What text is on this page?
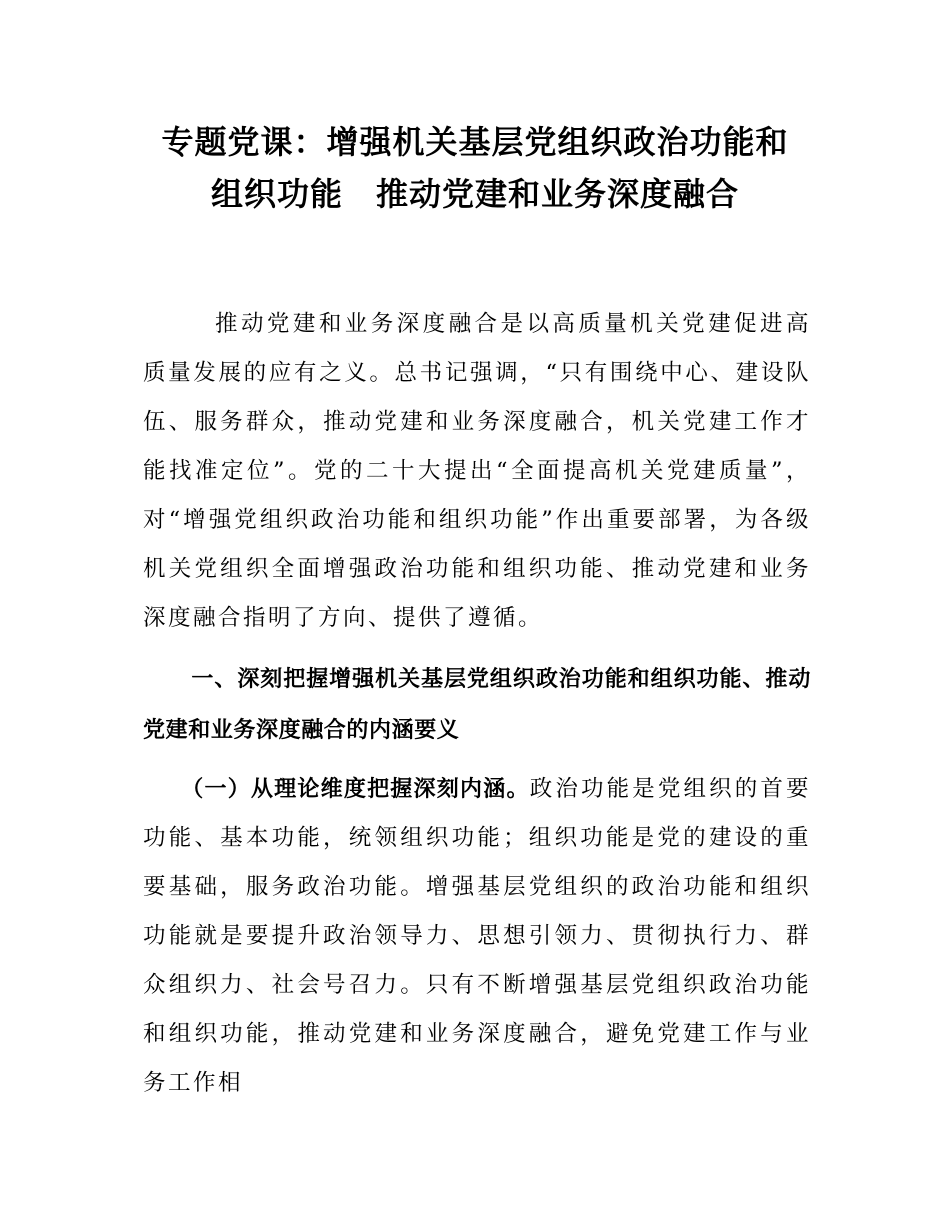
专题党课：增强机关基层党组织政治功能和
组织功能　推动党建和业务深度融合

推动党建和业务深度融合是以高质量机关党建促进高质量发展的应有之义。总书记强调，“只有围绕中心、建设队伍、服务群众，推动党建和业务深度融合，机关党建工作才能找准定位”。党的二十大提出“全面提高机关党建质量”，对“增强党组织政治功能和组织功能”作出重要部署，为各级机关党组织全面增强政治功能和组织功能、推动党建和业务深度融合指明了方向、提供了遵循。

一、深刻把握增强机关基层党组织政治功能和组织功能、推动党建和业务深度融合的内涵要义

（一）从理论维度把握深刻内涵。政治功能是党组织的首要功能、基本功能，统领组织功能；组织功能是党的建设的重要基础，服务政治功能。增强基层党组织的政治功能和组织功能就是要提升政治领导力、思想引领力、贯彻执行力、群众组织力、社会号召力。只有不断增强基层党组织政治功能和组织功能，推动党建和业务深度融合，避免党建工作与业务工作相
